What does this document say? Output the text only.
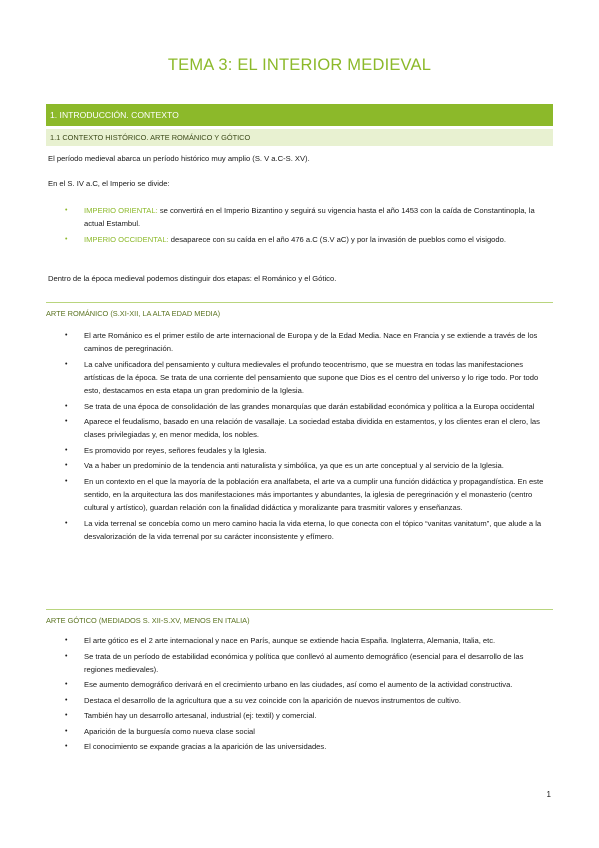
TEMA 3: EL INTERIOR MEDIEVAL
1. INTRODUCCIÓN. CONTEXTO
1.1 CONTEXTO HISTÓRICO. ARTE ROMÁNICO Y GÓTICO
El período medieval abarca un período histórico muy amplio (S. V a.C-S. XV).
En el S. IV a.C, el Imperio se divide:
• IMPERIO ORIENTAL: se convertirá en el Imperio Bizantino y seguirá su vigencia hasta el año 1453 con la caída de Constantinopla, la actual Estambul.
• IMPERIO OCCIDENTAL: desaparece con su caída en el año 476 a.C (S.V aC) y por la invasión de pueblos como el visigodo.
Dentro de la época medieval podemos distinguir dos etapas: el Románico y el Gótico.
ARTE ROMÁNICO (S.XI-XII, LA ALTA EDAD MEDIA)
• El arte Románico es el primer estilo de arte internacional de Europa y de la Edad Media. Nace en Francia y se extiende a través de los caminos de peregrinación.
• La calve unificadora del pensamiento y cultura medievales el profundo teocentrismo, que se muestra en todas las manifestaciones artísticas de la época. Se trata de una corriente del pensamiento que supone que Dios es el centro del universo y lo rige todo. Por todo esto, destacamos en esta etapa un gran predominio de la Iglesia.
• Se trata de una época de consolidación de las grandes monarquías que darán estabilidad económica y política a la Europa occidental
• Aparece el feudalismo, basado en una relación de vasallaje. La sociedad estaba dividida en estamentos, y los clientes eran el clero, las clases privilegiadas y, en menor medida, los nobles.
• Es promovido por reyes, señores feudales y la Iglesia.
• Va a haber un predominio de la tendencia anti naturalista y simbólica, ya que es un arte conceptual y al servicio de la Iglesia.
• En un contexto en el que la mayoría de la población era analfabeta, el arte va a cumplir una función didáctica y propagandística. En este sentido, en la arquitectura las dos manifestaciones más importantes y abundantes, la iglesia de peregrinación y el monasterio (centro cultural y artístico), guardan relación con la finalidad didáctica y moralizante para trasmitir valores y enseñanzas.
• La vida terrenal se concebía como un mero camino hacia la vida eterna, lo que conecta con el tópico “vanitas vanitatum”, que alude a la desvalorización de la vida terrenal por su carácter inconsistente y efímero.
ARTE GÓTICO (MEDIADOS S. XII-S.XV, MENOS EN ITALIA)
• El arte gótico es el 2 arte internacional y nace en París, aunque se extiende hacia España. Inglaterra, Alemania, Italia, etc.
• Se trata de un período de estabilidad económica y política que conllevó al aumento demográfico (esencial para el desarrollo de las regiones medievales).
• Ese aumento demográfico derivará en el crecimiento urbano en las ciudades, así como el aumento de la actividad constructiva.
• Destaca el desarrollo de la agricultura que a su vez coincide con la aparición de nuevos instrumentos de cultivo.
• También hay un desarrollo artesanal, industrial (ej: textil) y comercial.
• Aparición de la burguesía como nueva clase social
• El conocimiento se expande gracias a la aparición de las universidades.
1
